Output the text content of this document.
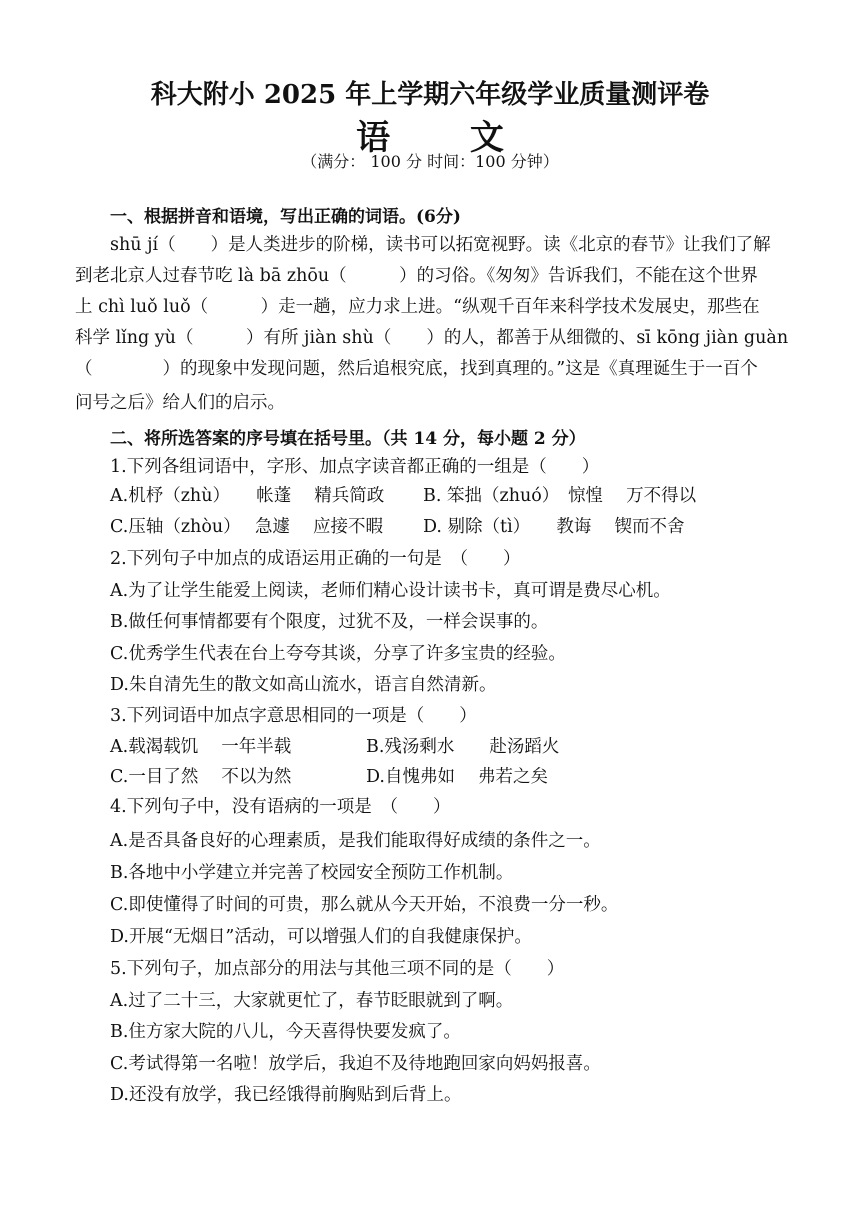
科大附小 2025 年上学期六年级学业质量测评卷
语 文
（满分： 100 分 时间：100 分钟）
一、根据拼音和语境，写出正确的词语。(6分)
shū jí（　　）是人类进步的阶梯，读书可以拓宽视野。读《北京的春节》让我们了解
到老北京人过春节吃 là bā zhōu（　　　）的习俗。《匆匆》告诉我们，不能在这个世界
上 chì luǒ luǒ（　　　）走一趟，应力求上进。“纵观千百年来科学技术发展史，那些在
科学 lǐng yù（　　　）有所 jiàn shù（　　）的人，都善于从细微的、sī kōng jiàn guàn
（　　　　）的现象中发现问题，然后追根究底，找到真理的。”这是《真理诞生于一百个
问号之后》给人们的启示。
二、将所选答案的序号填在括号里。（共 14 分，每小题 2 分）
1.下列各组词语中，字形、加点字读音都正确的一组是（　　）
A.机杼（zhù）　　帐蓬　 精兵简政	B. 笨拙（zhuó）　惊惶　 万不得以
C.压轴（zhòu）　 急遽　 应接不暇	D. 剔除（tì）　　教诲　 锲而不舍
2.下列句子中加点的成语运用正确的一句是　（　　）
A.为了让学生能爱上阅读，老师们精心设计读书卡，真可谓是费尽心机。
B.做任何事情都要有个限度，过犹不及，一样会误事的。
C.优秀学生代表在台上夸夸其谈，分享了许多宝贵的经验。
D.朱自清先生的散文如高山流水，语言自然清新。
3.下列词语中加点字意思相同的一项是（　　）
A.载渴载饥　 一年半载	B.残汤剩水　　赴汤蹈火
C.一目了然　 不以为然	D.自愧弗如　 弗若之矣
4.下列句子中，没有语病的一项是　（　　）
A.是否具备良好的心理素质，是我们能取得好成绩的条件之一。
B.各地中小学建立并完善了校园安全预防工作机制。
C.即使懂得了时间的可贵，那么就从今天开始，不浪费一分一秒。
D.开展“无烟日”活动，可以增强人们的自我健康保护。
5.下列句子，加点部分的用法与其他三项不同的是（　　）
A.过了二十三，大家就更忙了，春节眨眼就到了啊。
B.住方家大院的八儿，今天喜得快要发疯了。
C.考试得第一名啦！放学后，我迫不及待地跑回家向妈妈报喜。
D.还没有放学，我已经饿得前胸贴到后背上。
